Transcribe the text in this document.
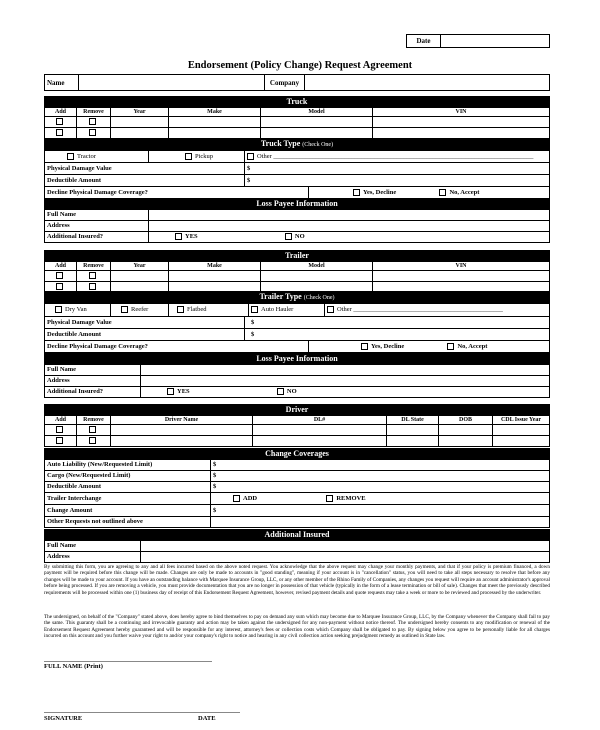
Date	
Endorsement (Policy Change) Request Agreement
Name		Company	
Truck					
Add	Remove	Year	Make	Model	VIN

Truck Type (Check One)			
Tractor	Pickup	Other ________________________________________________________________________________	
Physical Damage Value		$	
Deductible Amount		$	
Decline Physical Damage Coverage?			Yes, Decline No, Accept
Loss Payee Information			
Full Name			
Address			
Additional Insured?	YES NO		
Trailer					
Add	Remove	Year	Make	Model	VIN

Trailer Type (Check One)
Dry Van	Reefer	Flatbed	Auto Hauler	Other ______________________________________________
Physical Damage Value	$	
Deductible Amount	$	
Decline Physical Damage Coverage?		Yes, Decline No, Accept
Loss Payee Information	
Full Name	
Address	
Additional Insured?	YES NO
Driver						
Add	Remove	Driver Name	DL#	DL State	DOB	CDL Issue Year

Change Coverages	
Auto Liability (New/Requested Limit)	$
Cargo (New/Requested Limit)	$
Deductible Amount	$
Trailer Interchange	ADD REMOVE
Change Amount	$
Other Requests not outlined above	
Additional Insured	
Full Name	
Address	
By submitting this form, you are agreeing to any and all fees incurred based on the above noted request. You acknowledge that the above request may change your monthly payments, and that if your policy is premium financed, a down payment will be required before this change will be made. Changes are only be made to accounts in "good standing", meaning if your account is in "cancellation" status, you will need to take all steps necessary to resolve that before any changes will be made to your account. If you have an outstanding balance with Marquee Insurance Group, LLC, or any other member of the Rhino Family of Companies, any changes you request will require an account administrator's approval before being processed. If you are removing a vehicle, you must provide documentation that you are no longer in possession of that vehicle (typically in the form of a lease termination or bill of sale). Changes that meet the previously described requirements will be processed within one (1) business day of receipt of this Endorsement Request Agreement, however, revised payment details and quote requests may take a week or more to be reviewed and processed by the underwriter.
The undersigned, on behalf of the "Company" stated above, does hereby agree to bind themselves to pay on demand any sum which may become due to Marquee Insurance Group, LLC, by the Company whenever the Company shall fail to pay the same. This guaranty shall be a continuing and irrevocable guaranty and action may be taken against the undersigned for any non-payment without notice thereof. The undersigned hereby consents to any modification or renewal of the Endorsement Request Agreement hereby guaranteed and will be responsible for any interest, attorney's fees or collection costs which Company shall be obligated to pay. By signing below you agree to be personally liable for all charges incurred on this account and you further waive your right to and/or your company's right to notice and hearing in any civil collection action seeking prejudgment remedy as outlined in State law.
FULL NAME (Print)
SIGNATURE	DATE
